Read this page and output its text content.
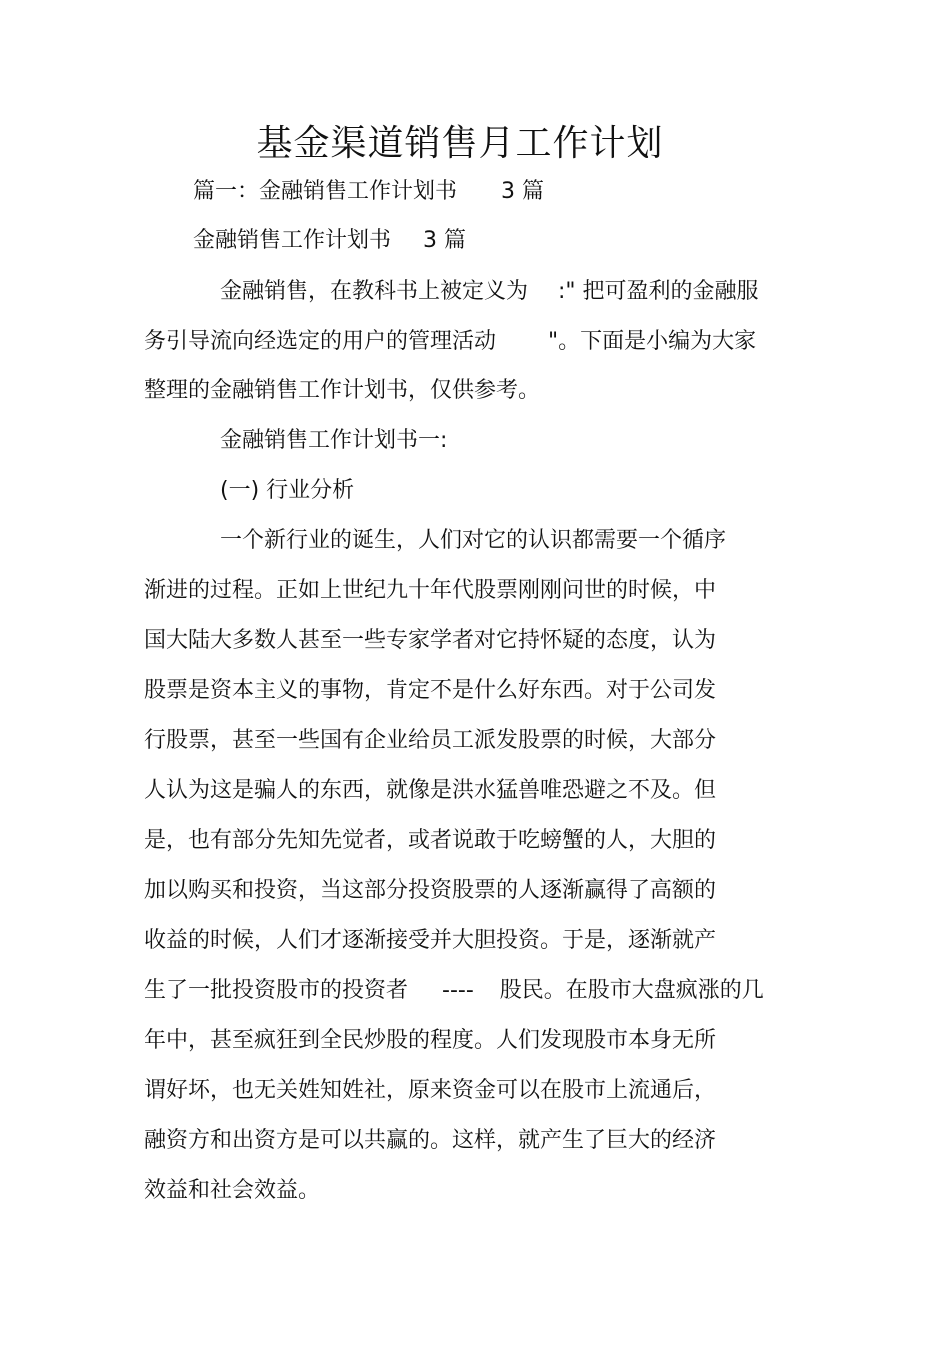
基金渠道销售月工作计划
篇一：金融销售工作计划书 3 篇
金融销售工作计划书 3 篇
金融销售，在教科书上被定义为 :" 把可盈利的金融服
务引导流向经选定的用户的管理活动 "。下面是小编为大家
整理的金融销售工作计划书，仅供参考。
金融销售工作计划书一:
(一) 行业分析
一个新行业的诞生，人们对它的认识都需要一个循序
渐进的过程。正如上世纪九十年代股票刚刚问世的时候，中
国大陆大多数人甚至一些专家学者对它持怀疑的态度，认为
股票是资本主义的事物，肯定不是什么好东西。对于公司发
行股票，甚至一些国有企业给员工派发股票的时候，大部分
人认为这是骗人的东西，就像是洪水猛兽唯恐避之不及。但
是，也有部分先知先觉者，或者说敢于吃螃蟹的人，大胆的
加以购买和投资，当这部分投资股票的人逐渐赢得了高额的
收益的时候，人们才逐渐接受并大胆投资。于是，逐渐就产
生了一批投资股市的投资者 ---- 股民。在股市大盘疯涨的几
年中，甚至疯狂到全民炒股的程度。人们发现股市本身无所
谓好坏，也无关姓知姓社，原来资金可以在股市上流通后，
融资方和出资方是可以共赢的。这样，就产生了巨大的经济
效益和社会效益。
